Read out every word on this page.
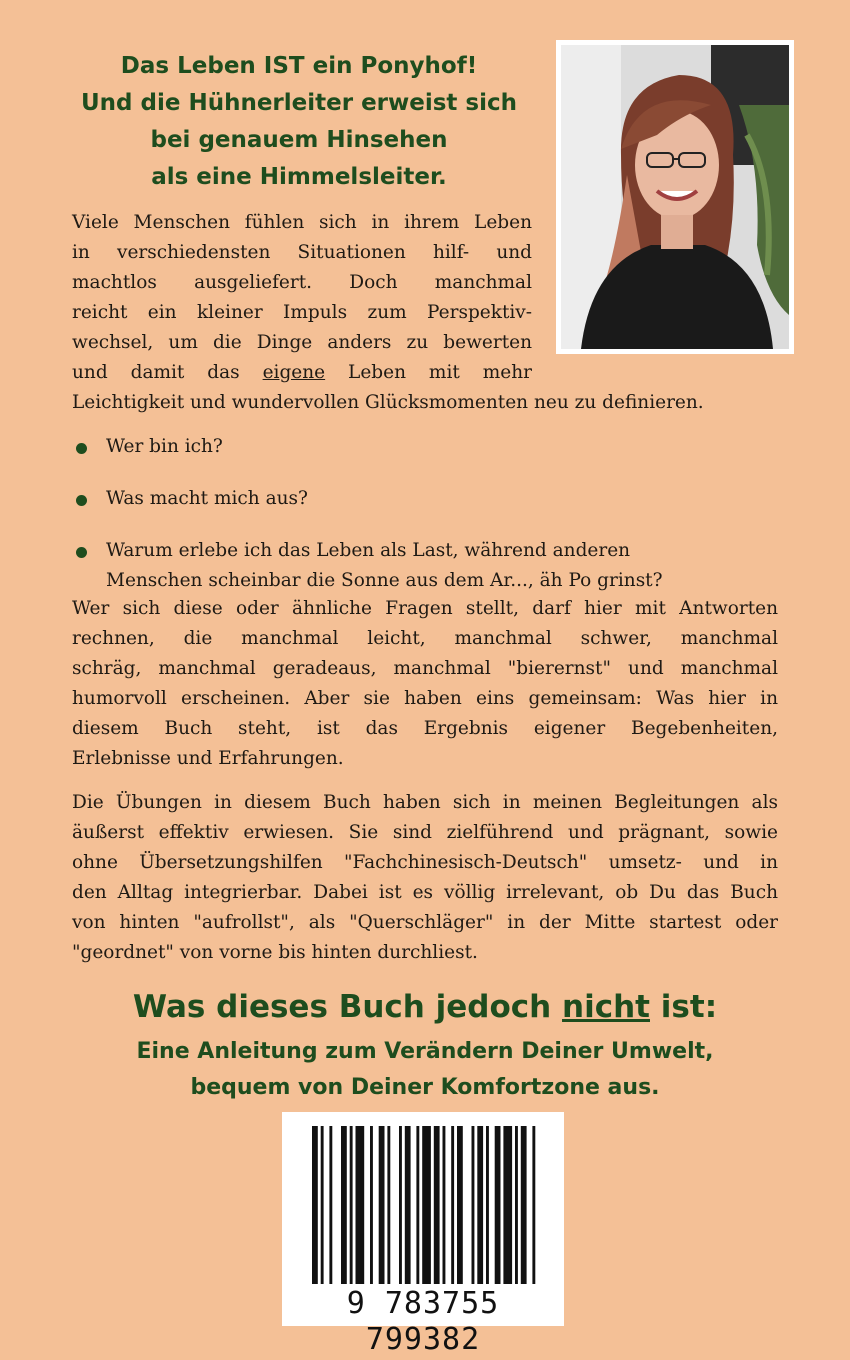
Das Leben IST ein Ponyhof!
Und die Hühnerleiter erweist sich
bei genauem Hinsehen
als eine Himmelsleiter.
Viele Menschen fühlen sich in ihrem Leben
in verschiedensten Situationen hilf- und
machtlos ausgeliefert. Doch manchmal
reicht ein kleiner Impuls zum Perspektiv-
wechsel, um die Dinge anders zu bewerten
und damit das eigene Leben mit mehr
Leichtigkeit und wundervollen Glücksmomenten neu zu definieren.
Wer bin ich?
Was macht mich aus?
Warum erlebe ich das Leben als Last, während anderen
Menschen scheinbar die Sonne aus dem Ar..., äh Po grinst?
Wer sich diese oder ähnliche Fragen stellt, darf hier mit Antworten
rechnen, die manchmal leicht, manchmal schwer, manchmal
schräg, manchmal geradeaus, manchmal "bierernst" und manchmal
humorvoll erscheinen. Aber sie haben eins gemeinsam: Was hier in
diesem Buch steht, ist das Ergebnis eigener Begebenheiten,
Erlebnisse und Erfahrungen.
Die Übungen in diesem Buch haben sich in meinen Begleitungen als
äußerst effektiv erwiesen. Sie sind zielführend und prägnant, sowie
ohne Übersetzungshilfen "Fachchinesisch-Deutsch" umsetz- und in
den Alltag integrierbar. Dabei ist es völlig irrelevant, ob Du das Buch
von hinten "aufrollst", als "Querschläger" in der Mitte startest oder
"geordnet" von vorne bis hinten durchliest.
Was dieses Buch jedoch nicht ist:
Eine Anleitung zum Verändern Deiner Umwelt,
bequem von Deiner Komfortzone aus.
9 783755 799382
